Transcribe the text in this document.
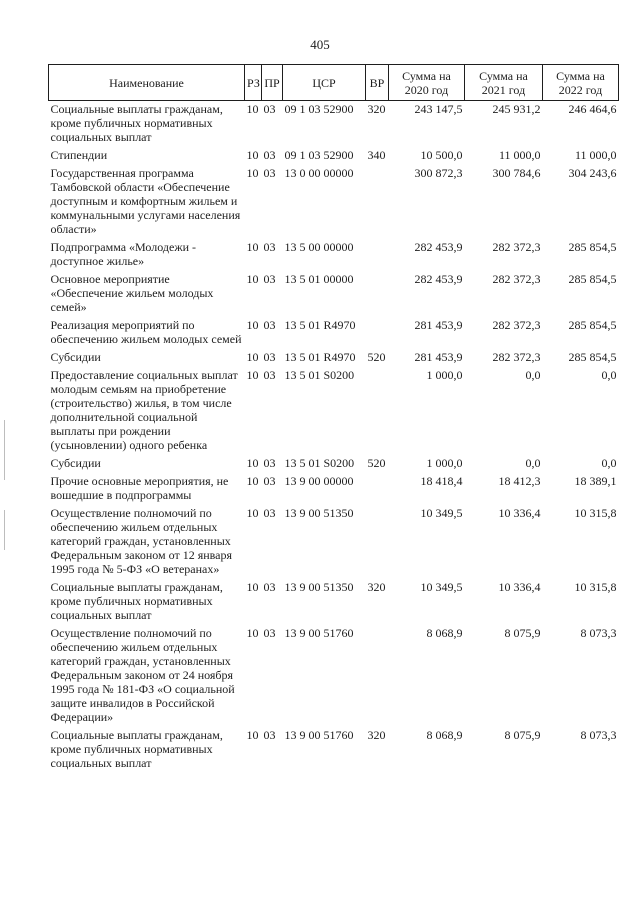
405
Наименование	РЗ	ПР	ЦСР	ВР	Сумма на 2020 год	Сумма на 2021 год	Сумма на 2022 год
Социальные выплаты гражданам, кроме публичных нормативных социальных выплат	10	03	09 1 03 52900	320	243 147,5	245 931,2	246 464,6
Стипендии	10	03	09 1 03 52900	340	10 500,0	11 000,0	11 000,0
Государственная программа Тамбовской области «Обеспечение доступным и комфортным жильем и коммунальными услугами населения области»	10	03	13 0 00 00000		300 872,3	300 784,6	304 243,6
Подпрограмма «Молодежи - доступное жилье»	10	03	13 5 00 00000		282 453,9	282 372,3	285 854,5
Основное мероприятие «Обеспечение жильем молодых семей»	10	03	13 5 01 00000		282 453,9	282 372,3	285 854,5
Реализация мероприятий по обеспечению жильем молодых семей	10	03	13 5 01 R4970		281 453,9	282 372,3	285 854,5
Субсидии	10	03	13 5 01 R4970	520	281 453,9	282 372,3	285 854,5
Предоставление социальных выплат молодым семьям на приобретение (строительство) жилья, в том числе дополнительной социальной выплаты при рождении (усыновлении) одного ребенка	10	03	13 5 01 S0200		1 000,0	0,0	0,0
Субсидии	10	03	13 5 01 S0200	520	1 000,0	0,0	0,0
Прочие основные мероприятия, не вошедшие в подпрограммы	10	03	13 9 00 00000		18 418,4	18 412,3	18 389,1
Осуществление полномочий по обеспечению жильем отдельных категорий граждан, установленных Федеральным законом от 12 января 1995 года № 5-ФЗ «О ветеранах»	10	03	13 9 00 51350		10 349,5	10 336,4	10 315,8
Социальные выплаты гражданам, кроме публичных нормативных социальных выплат	10	03	13 9 00 51350	320	10 349,5	10 336,4	10 315,8
Осуществление полномочий по обеспечению жильем отдельных категорий граждан, установленных Федеральным законом от 24 ноября 1995 года № 181-ФЗ «О социальной защите инвалидов в Российской Федерации»	10	03	13 9 00 51760		8 068,9	8 075,9	8 073,3
Социальные выплаты гражданам, кроме публичных нормативных социальных выплат	10	03	13 9 00 51760	320	8 068,9	8 075,9	8 073,3
